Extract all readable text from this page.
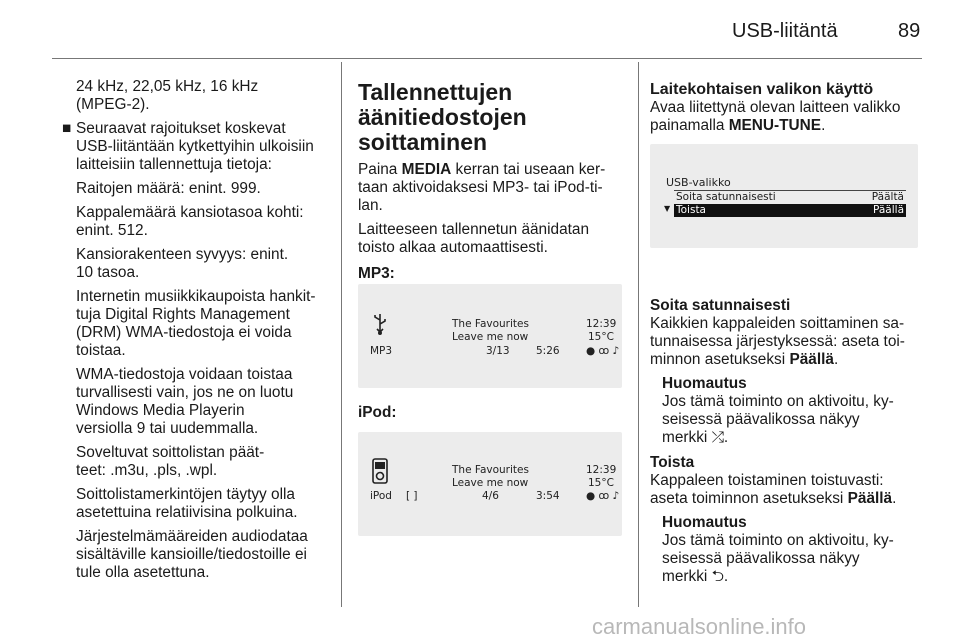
USB-liitäntä	89

24 kHz, 22,05 kHz, 16 kHz
(MPEG-2).

■ Seuraavat rajoitukset koskevat
USB-liitäntään kytkettyihin ulkoisiin
laitteisiin tallennettuja tietoja:

Raitojen määrä: enint. 999.

Kappalemäärä kansiotasoa kohti:
enint. 512.

Kansiorakenteen syvyys: enint.
10 tasoa.

Internetin musiikkikaupoista hankit-
tuja Digital Rights Management
(DRM) WMA-tiedostoja ei voida
toistaa.

WMA-tiedostoja voidaan toistaa
turvallisesti vain, jos ne on luotu
Windows Media Playerin
versiolla 9 tai uudemmalla.

Soveltuvat soittolistan päät-
teet: .m3u, .pls, .wpl.

Soittolistamerkintöjen täytyy olla
asetettuina relatiivisina polkuina.

Järjestelmämääreiden audiodataa
sisältäville kansioille/tiedostoille ei
tule olla asetettuna.

Tallennettujen
äänitiedostojen
soittaminen

Paina MEDIA kerran tai useaan ker-
taan aktivoidaksesi MP3- tai iPod-ti-
lan.

Laitteeseen tallennetun äänidatan
toisto alkaa automaattisesti.

MP3:

The Favourites	12:39
Leave me now	15°C
MP3	3/13	5:26	● ꝏ ♪
iPod:
The Favourites	12:39
Leave me now	15°C
iPod [ ]	4/6	3:54	● ꝏ ♪
Laitekohtaisen valikon käyttö

Avaa liitettynä olevan laitteen valikko
painamalla MENU-TUNE.

USB-valikko
Soita satunnaisesti	Päältä
▼ Toista	Päällä
Soita satunnaisesti

Kaikkien kappaleiden soittaminen sa-
tunnaisessa järjestyksessä: aseta toi-
minnon asetukseksi Päällä.

Huomautus

Jos tämä toiminto on aktivoitu, ky-
seisessä päävalikossa näkyy
merkki ⤮.

Toista

Kappaleen toistaminen toistuvasti:
aseta toiminnon asetukseksi Päällä.

Huomautus

Jos tämä toiminto on aktivoitu, ky-
seisessä päävalikossa näkyy
merkki ⮌.

carmanualsonline.info
